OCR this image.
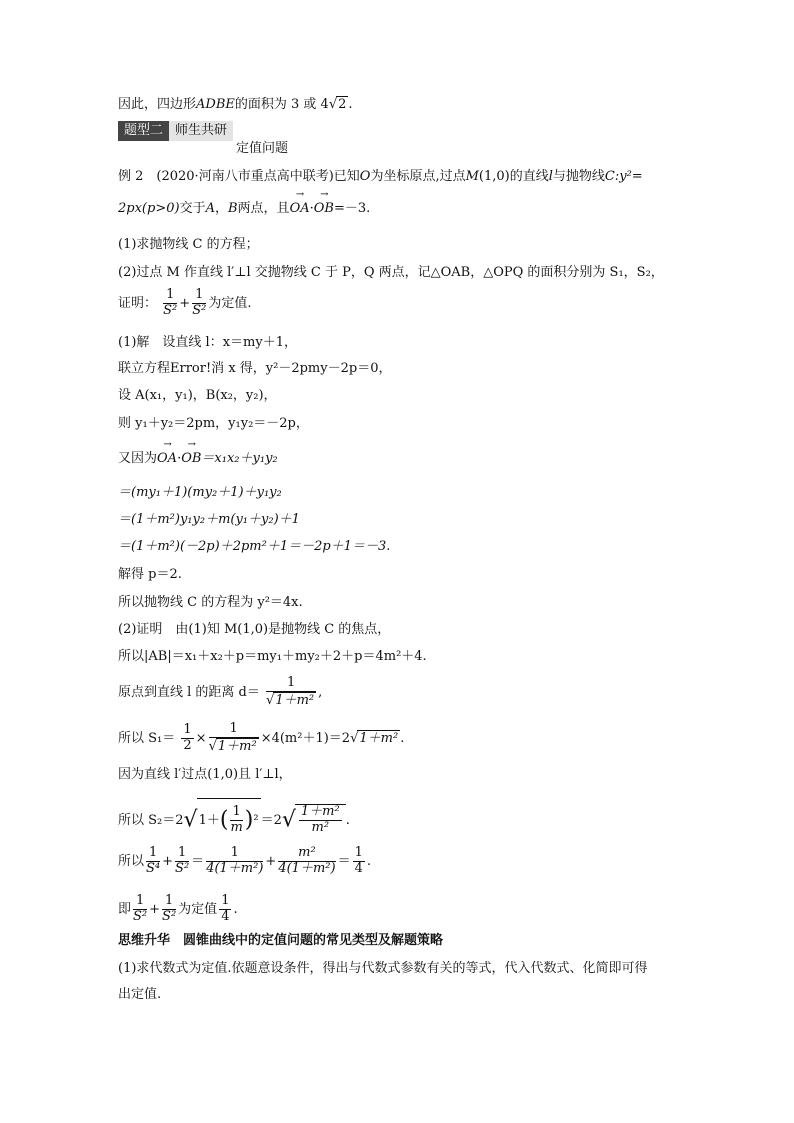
因此，四边形ADBE的面积为 3 或 4√2 .
题型二 师生共研
定值问题
例 2　(2020·河南八市重点高中联考)已知O为坐标原点,过点M(1,0)的直线l与抛物线C:y²=
2px(p>0)交于A，B两点，且→ OA·→ OB=－3.
(1)求抛物线 C 的方程；
(2)过点 M 作直线 l′⊥l 交抛物线 C 于 P，Q 两点，记△OAB，△OPQ 的面积分别为 S₁，S₂，
证明： $\frac{1}{\text{S²}} + \frac{1}{\text{S²}}$ 为定值.
(1)解　设直线 l：x＝my＋1，
联立方程Error!消 x 得，y²－2pmy－2p＝0，
设 A(x₁，y₁)，B(x₂，y₂)，
则 y₁＋y₂＝2pm，y₁y₂＝－2p，
又因为→ OA·→ OB＝x₁x₂＋y₁y₂
＝(my₁＋1)(my₂＋1)＋y₁y₂
＝(1＋m²)y₁y₂＋m(y₁＋y₂)＋1
＝(1＋m²)(－2p)＋2pm²＋1＝－2p＋1＝－3.
解得 p＝2.
所以抛物线 C 的方程为 y²＝4x.
(2)证明　由(1)知 M(1,0)是抛物线 C 的焦点，
所以|AB|＝x₁＋x₂＋p＝my₁＋my₂＋2＋p＝4m²＋4.
原点到直线 l 的距离 $d= \frac{1}{\text{√1＋m²}}$ ,
所以 $S_1= \frac{1}{2} \times \frac{1}{\text{√1＋m²}} \times 4(m^2+1)=2√1+m^2$ .
因为直线 l′过点(1,0)且 l′⊥l，
所以 $S_2=2√1+( \frac{1}{m} )^2 =2√ \frac{\text{1＋m²}}{\text{m²}}$ .
所以 $\frac{1}{\text{S⁴}} + \frac{1}{\text{S²}} = \frac{1}{\text{4(1＋m²)}} + \frac{\text{m²}}{\text{4(1＋m²)}} = \frac{1}{4}$ .
即 $\frac{1}{\text{S²}} + \frac{1}{\text{S²}}$ 为定值 $\frac{1}{4}$ .
思维升华　圆锥曲线中的定值问题的常见类型及解题策略
(1)求代数式为定值.依题意设条件，得出与代数式参数有关的等式，代入代数式、化简即可得
出定值.
